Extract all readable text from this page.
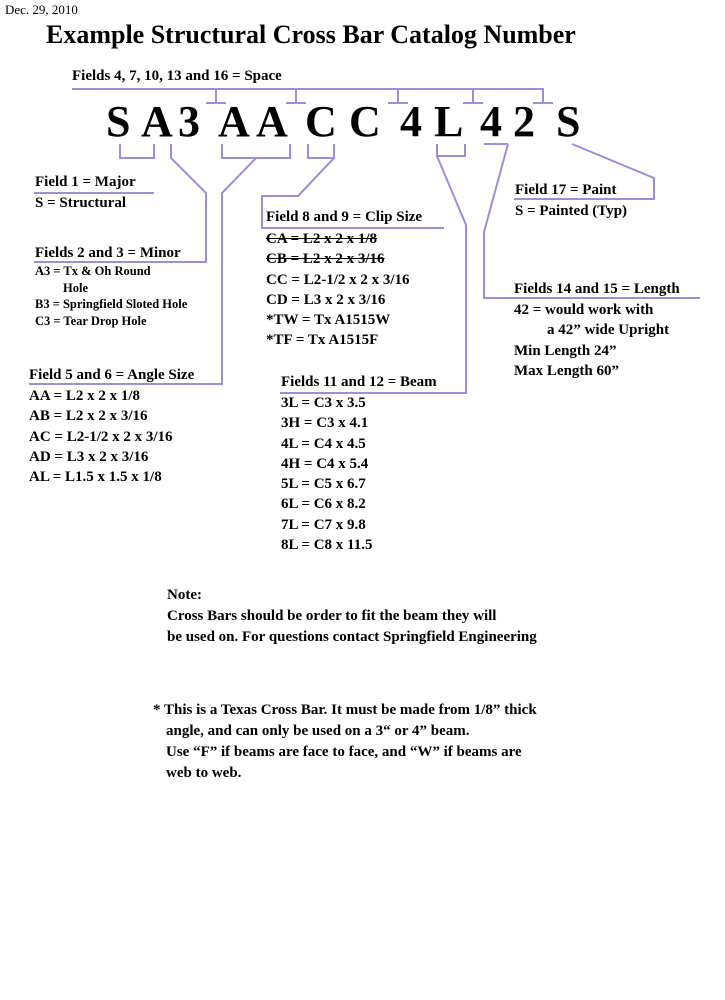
Dec. 29, 2010
Example Structural Cross Bar Catalog Number
Fields 4, 7, 10, 13 and 16 = Space
S A 3 A A C C 4 L 4 2 S
Field 1 = Major
S = Structural
Fields 2 and 3 = Minor
A3 = Tx & Oh Round
Hole
B3 = Springfield Sloted Hole
C3 = Tear Drop Hole
Field 5 and 6 = Angle Size
AA = L2 x 2 x 1/8
AB = L2 x 2 x 3/16
AC = L2-1/2 x 2 x 3/16
AD = L3 x 2 x 3/16
AL = L1.5 x 1.5 x 1/8
Field 8 and 9 = Clip Size
CA = L2 x 2 x 1/8
CB = L2 x 2 x 3/16
CC = L2-1/2 x 2 x 3/16
CD = L3 x 2 x 3/16
*TW = Tx A1515W
*TF = Tx A1515F
Fields 11 and 12 = Beam
3L = C3 x 3.5
3H = C3 x 4.1
4L = C4 x 4.5
4H = C4 x 5.4
5L = C5 x 6.7
6L = C6 x 8.2
7L = C7 x 9.8
8L = C8 x 11.5
Fields 14 and 15 = Length
42 = would work with
a 42” wide Upright
Min Length 24”
Max Length 60”
Field 17 = Paint
S = Painted (Typ)
Note:
Cross Bars should be order to fit the beam they will
be used on. For questions contact Springfield Engineering
* This is a Texas Cross Bar. It must be made from 1/8” thick
angle, and can only be used on a 3“ or 4” beam.
Use “F” if beams are face to face, and “W” if beams are
web to web.
